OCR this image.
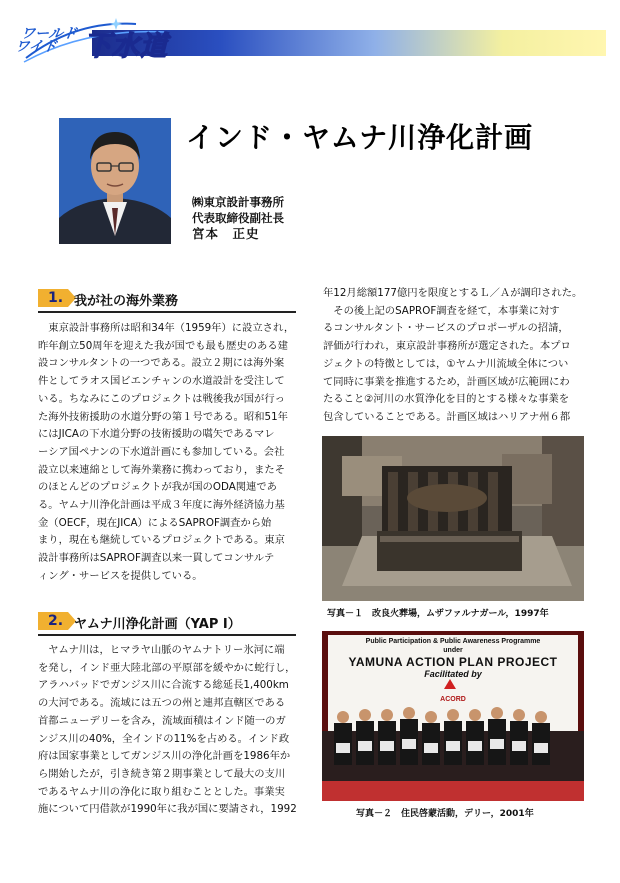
ワールド
ワイド 下水道
インド・ヤムナ川浄化計画
㈱東京設計事務所
代表取締役副社長
宮本　正史
1. 我が社の海外業務
　東京設計事務所は昭和34年（1959年）に設立され，
昨年創立50周年を迎えた我が国でも最も歴史のある建
設コンサルタントの一つである。設立２期には海外案
件としてラオス国ビエンチャンの水道設計を受注して
いる。ちなみにこのプロジェクトは戦後我が国が行っ
た海外技術援助の水道分野の第１号である。昭和51年
にはJICAの下水道分野の技術援助の嚆矢であるマレ
ーシア国ペナンの下水道計画にも参加している。会社
設立以来連綿として海外業務に携わっており，またそ
のほとんどのプロジェクトが我が国のODA関連であ
る。ヤムナ川浄化計画は平成３年度に海外経済協力基
金（OECF，現在JICA）によるSAPROF調査から始
まり，現在も継続しているプロジェクトである。東京
設計事務所はSAPROF調査以来一貫してコンサルテ
ィング・サービスを提供している。
2. ヤムナ川浄化計画（YAP Ⅰ）
　ヤムナ川は，ヒマラヤ山脈のヤムナトリー氷河に端
を発し，インド亜大陸北部の平原部を緩やかに蛇行し，
アラハバッドでガンジス川に合流する総延長1,400km
の大河である。流域には五つの州と連邦直轄区である
首都ニューデリーを含み，流域面積はインド随一のガ
ンジス川の40%，全インドの11%を占める。インド政
府は国家事業としてガンジス川の浄化計画を1986年か
ら開始したが，引き続き第２期事業として最大の支川
であるヤムナ川の浄化に取り組むこととした。事業実
施について円借款が1990年に我が国に要請され，1992
年12月総額177億円を限度とするＬ／Ａが調印された。
　その後上記のSAPROF調査を経て，本事業に対す
るコンサルタント・サービスのプロポーザルの招請，
評価が行われ，東京設計事務所が選定された。本プロ
ジェクトの特徴としては，①ヤムナ川流域全体につい
て同時に事業を推進するため，計画区域が広範囲にわ
たること②河川の水質浄化を目的とする様々な事業を
包含していることである。計画区域はハリアナ州６都
写真－１　改良火葬場，ムザファルナガール，1997年
Public Participation & Public Awareness Programme
under
YAMUNA ACTION PLAN PROJECT
Facilitated by
ACORD
写真－２　住民啓蒙活動，デリー，2001年
